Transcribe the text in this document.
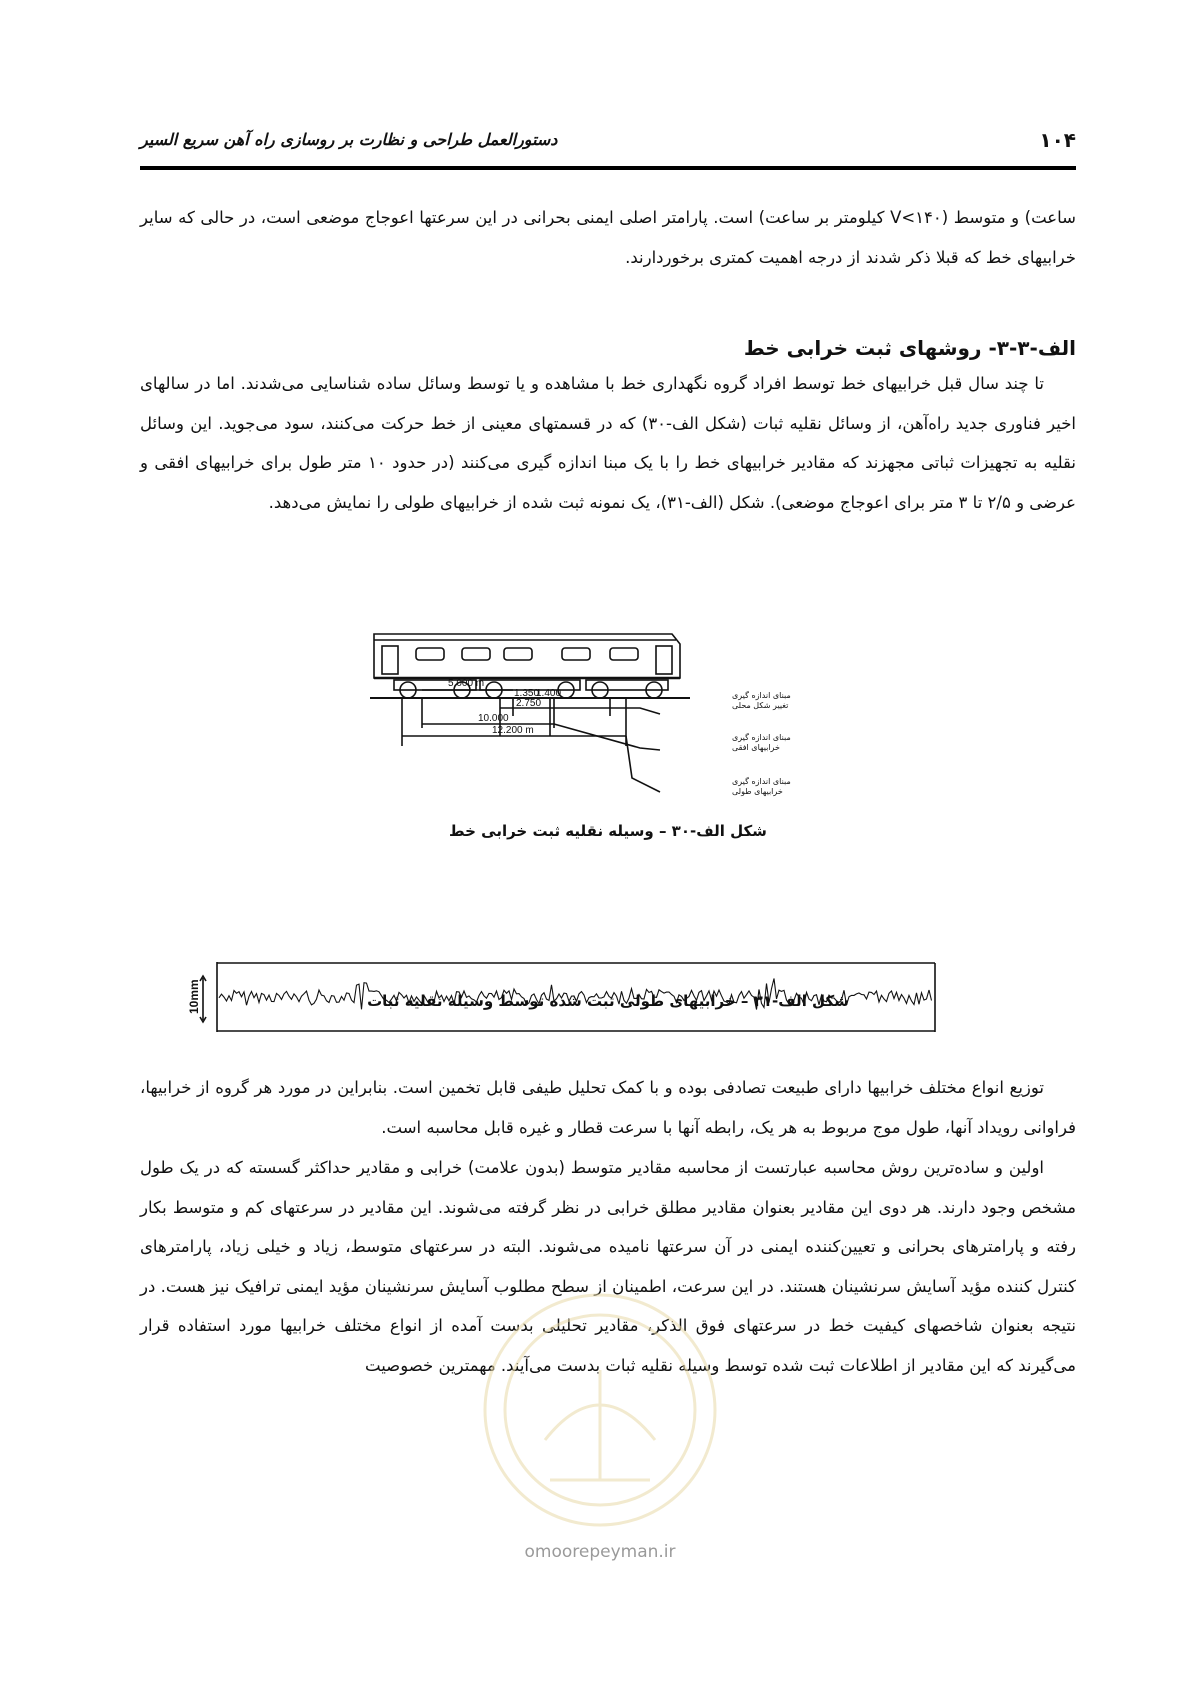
۱۰۴
دستورالعمل طراحی و نظارت بر روسازی راه آهن سریع السیر

ساعت) و متوسط (V<۱۴۰ کیلومتر بر ساعت) است. پارامتر اصلی ایمنی بحرانی در این سرعتها اعوجاج موضعی است، در حالی که سایر خرابیهای خط که قبلا ذکر شدند از درجه اهمیت کمتری برخوردارند.

الف-۳-۳- روشهای ثبت خرابی خط

تا چند سال قبل خرابیهای خط توسط افراد گروه نگهداری خط با مشاهده و یا توسط وسائل ساده شناسایی می‌شدند. اما در سالهای اخیر فناوری جدید راه‌آهن، از وسائل نقلیه ثبات (شکل الف-۳۰) که در قسمتهای معینی از خط حرکت می‌کنند، سود می‌جوید. این وسائل نقلیه به تجهیزات ثباتی مجهزند که مقادیر خرابیهای خط را با یک مبنا اندازه گیری می‌کنند (در حدود ۱۰ متر طول برای خرابیهای افقی و عرضی و ۲/۵ تا ۳ متر برای اعوجاج موضعی). شکل (الف-۳۱)، یک نمونه ثبت شده از خرابیهای طولی را نمایش می‌دهد.

5.000 m
1.350
1.400
2.750
10.000
12.200 m
مبنای اندازه گیری
تغییر شکل محلی
مبنای اندازه گیری
خرابیهای افقی
مبنای اندازه گیری
خرابیهای طولی

شکل الف-۳۰ – وسیله نقلیه ثبت خرابی خط

10mm	شکل الف-۳۱ – خرابیهای طولی ثبت شده توسط وسیله نقلیه ثبات

توزیع انواع مختلف خرابیها دارای طبیعت تصادفی بوده و با کمک تحلیل طیفی قابل تخمین است. بنابراین در مورد هر گروه از خرابیها، فراوانی رویداد آنها، طول موج مربوط به هر یک، رابطه آنها با سرعت قطار و غیره قابل محاسبه است.

اولین و ساده‌ترین روش محاسبه عبارتست از محاسبه مقادیر متوسط (بدون علامت) خرابی و مقادیر حداکثر گسسته که در یک طول مشخص وجود دارند. هر دوی این مقادیر بعنوان مقادیر مطلق خرابی در نظر گرفته می‌شوند. این مقادیر در سرعتهای کم و متوسط بکار رفته و پارامترهای بحرانی و تعیین‌کننده ایمنی در آن سرعتها نامیده می‌شوند. البته در سرعتهای متوسط، زیاد و خیلی زیاد، پارامترهای کنترل کننده مؤید آسایش سرنشینان هستند. در این سرعت، اطمینان از سطح مطلوب آسایش سرنشینان مؤید ایمنی ترافیک نیز هست. در نتیجه بعنوان شاخصهای کیفیت خط در سرعتهای فوق الذکر، مقادیر تحلیلی بدست آمده از انواع مختلف خرابیها مورد استفاده قرار می‌گیرند که این مقادیر از اطلاعات ثبت شده توسط وسیله نقلیه ثبات بدست می‌آیند. مهمترین خصوصیت

omoorepeyman.ir
